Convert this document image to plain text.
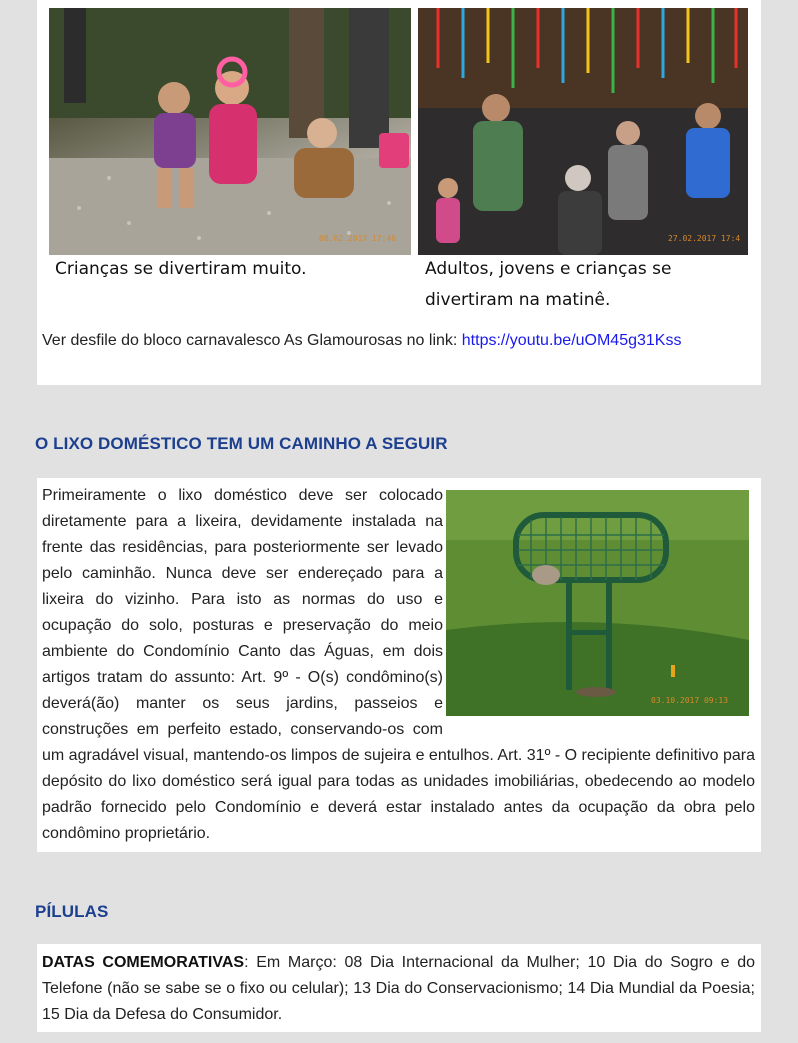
08.02.2017 17:46	27.02.2017 17:4
Crianças se divertiram muito.	Adultos, jovens e crianças se divertiram na matinê.
Ver desfile do bloco carnavalesco As Glamourosas no link: https://youtu.be/uOM45g31Kss
O LIXO DOMÉSTICO TEM UM CAMINHO A SEGUIR
03.10.2017 09:13
Primeiramente o lixo doméstico deve ser colocado diretamente para a lixeira, devidamente instalada na frente das residências, para posteriormente ser levado pelo caminhão. Nunca deve ser endereçado para a lixeira do vizinho. Para isto as normas do uso e ocupação do solo, posturas e preservação do meio ambiente do Condomínio Canto das Águas, em dois artigos tratam do assunto: Art. 9º - O(s) condômino(s) deverá(ão) manter os seus jardins, passeios e construções em perfeito estado, conservando-os com um agradável visual, mantendo-os limpos de sujeira e entulhos. Art. 31º - O recipiente definitivo para depósito do lixo doméstico será igual para todas as unidades imobiliárias, obedecendo ao modelo padrão fornecido pelo Condomínio e deverá estar instalado antes da ocupação da obra pelo condômino proprietário.
PÍLULAS
DATAS COMEMORATIVAS: Em Março: 08 Dia Internacional da Mulher; 10 Dia do Sogro e do Telefone (não se sabe se o fixo ou celular); 13 Dia do Conservacionismo; 14 Dia Mundial da Poesia; 15 Dia da Defesa do Consumidor.
